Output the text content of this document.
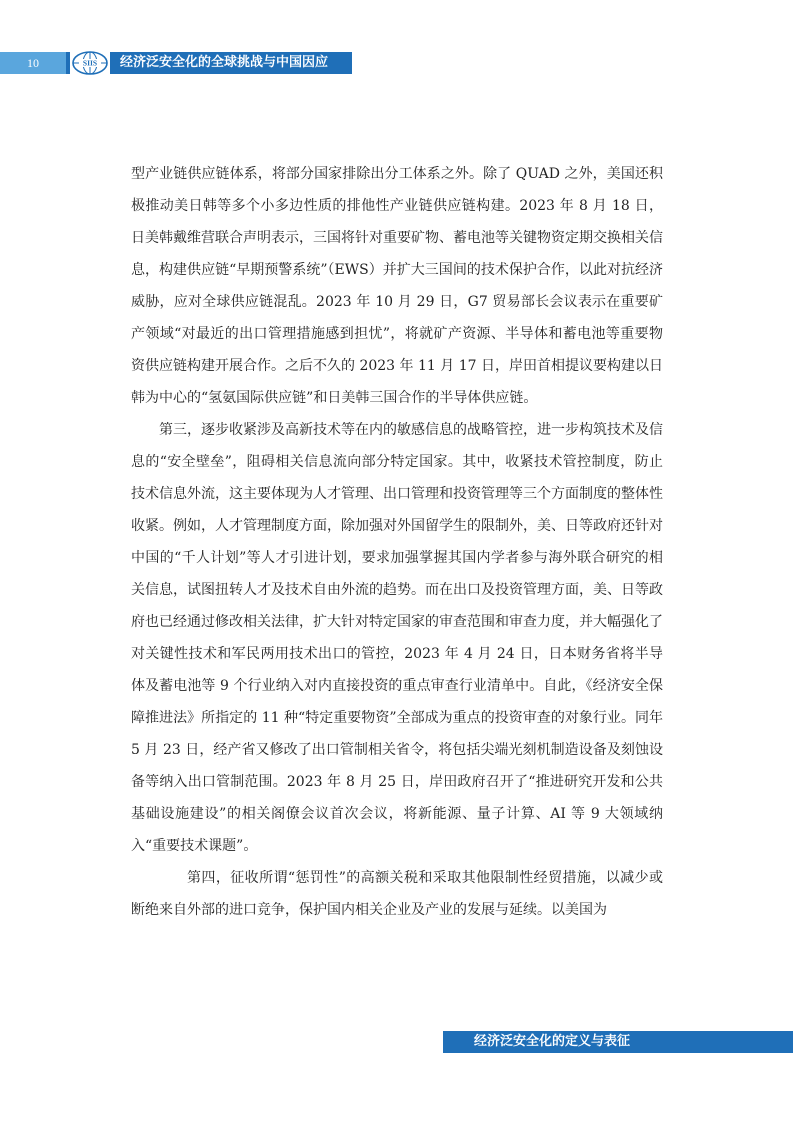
10	SIIS 经济泛安全化的全球挑战与中国因应

型产业链供应链体系，将部分国家排除出分工体系之外。除了 QUAD 之外，美国还积极推动美日韩等多个小多边性质的排他性产业链供应链构建。2023 年 8 月 18 日，日美韩戴维营联合声明表示，三国将针对重要矿物、蓄电池等关键物资定期交换相关信息，构建供应链“早期预警系统”（EWS）并扩大三国间的技术保护合作，以此对抗经济威胁，应对全球供应链混乱。2023 年 10 月 29 日，G7 贸易部长会议表示在重要矿产领域“对最近的出口管理措施感到担忧”，将就矿产资源、半导体和蓄电池等重要物资供应链构建开展合作。之后不久的 2023 年 11 月 17 日，岸田首相提议要构建以日韩为中心的“氢氨国际供应链”和日美韩三国合作的半导体供应链。

第三，逐步收紧涉及高新技术等在内的敏感信息的战略管控，进一步构筑技术及信息的“安全壁垒”，阻碍相关信息流向部分特定国家。其中，收紧技术管控制度，防止技术信息外流，这主要体现为人才管理、出口管理和投资管理等三个方面制度的整体性收紧。例如，人才管理制度方面，除加强对外国留学生的限制外，美、日等政府还针对中国的“千人计划”等人才引进计划，要求加强掌握其国内学者参与海外联合研究的相关信息，试图扭转人才及技术自由外流的趋势。而在出口及投资管理方面，美、日等政府也已经通过修改相关法律，扩大针对特定国家的审查范围和审查力度，并大幅强化了对关键性技术和军民两用技术出口的管控，2023 年 4 月 24 日，日本财务省将半导体及蓄电池等 9 个行业纳入对内直接投资的重点审查行业清单中。自此，《经济安全保障推进法》所指定的 11 种“特定重要物资”全部成为重点的投资审查的对象行业。同年 5 月 23 日，经产省又修改了出口管制相关省令，将包括尖端光刻机制造设备及刻蚀设备等纳入出口管制范围。2023 年 8 月 25 日，岸田政府召开了“推进研究开发和公共基础设施建设”的相关阁僚会议首次会议，将新能源、量子计算、AI 等 9 大领域纳入“重要技术课题”。

第四，征收所谓“惩罚性”的高额关税和采取其他限制性经贸措施，以减少或断绝来自外部的进口竞争，保护国内相关企业及产业的发展与延续。以美国为

经济泛安全化的定义与表征
